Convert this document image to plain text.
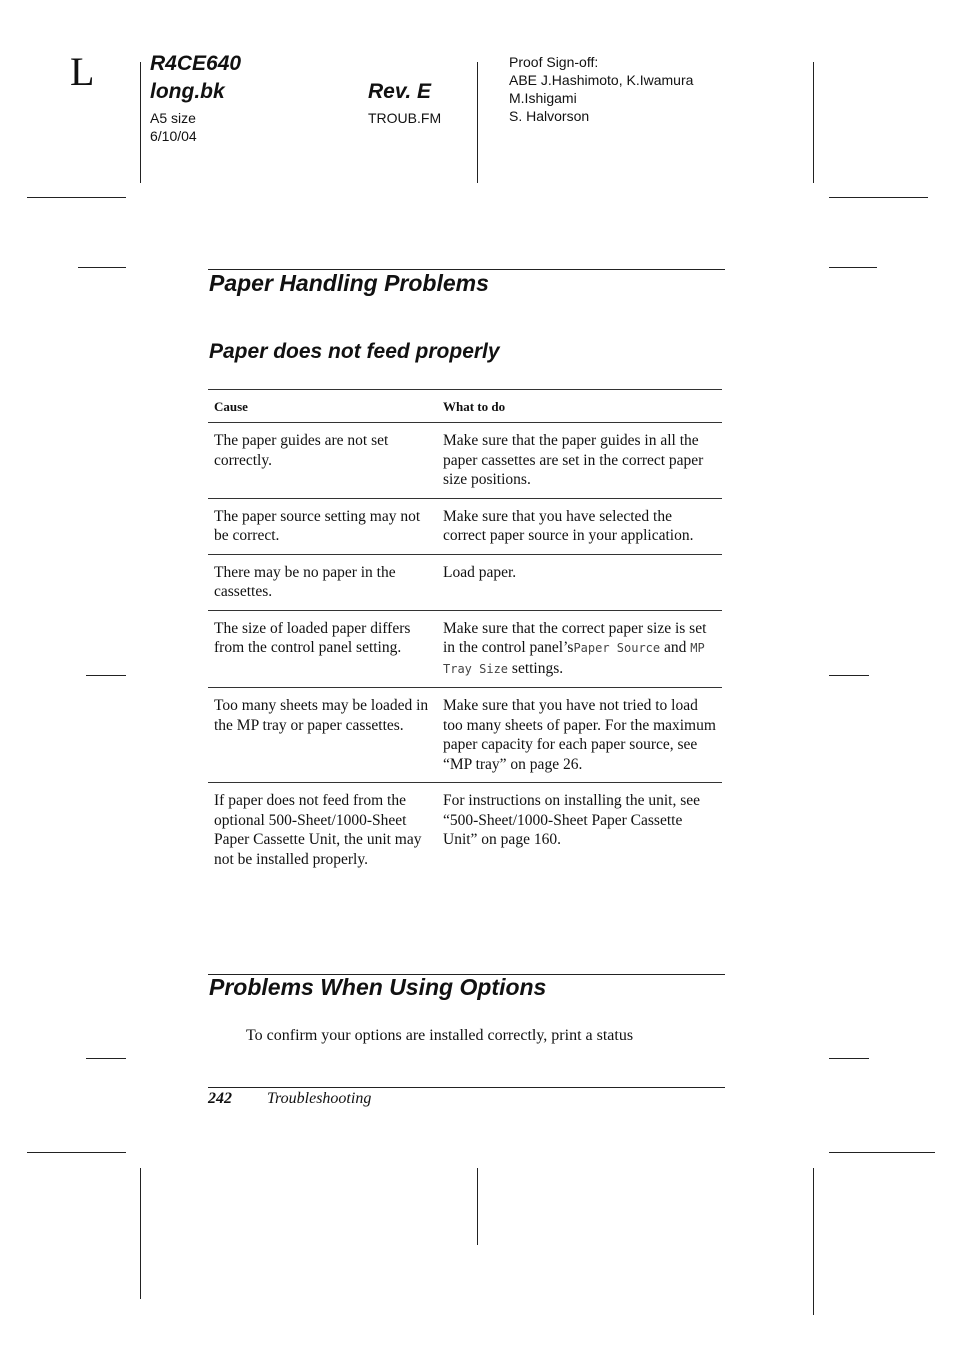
L	R4CE640
long.bk	Rev. E
A5 size
6/10/04
TROUB.FM
Proof Sign-off:
ABE J.Hashimoto, K.Iwamura
M.Ishigami
S. Halvorson
Paper Handling Problems
Paper does not feed properly
Cause	What to do
The paper guides are not set correctly.	Make sure that the paper guides in all the paper cassettes are set in the correct paper size positions.
The paper source setting may not be correct.	Make sure that you have selected the correct paper source in your application.
There may be no paper in the cassettes.	Load paper.
The size of loaded paper differs from the control panel setting.	Make sure that the correct paper size is set in the control panel’sPaper Source and MP Tray Size settings.
Too many sheets may be loaded in the MP tray or paper cassettes.	Make sure that you have not tried to load too many sheets of paper. For the maximum paper capacity for each paper source, see “MP tray” on page 26.
If paper does not feed from the optional 500-Sheet/1000-Sheet Paper Cassette Unit, the unit may not be installed properly.	For instructions on installing the unit, see “500-Sheet/1000-Sheet Paper Cassette Unit” on page 160.
Problems When Using Options
To confirm your options are installed correctly, print a status
242 Troubleshooting
